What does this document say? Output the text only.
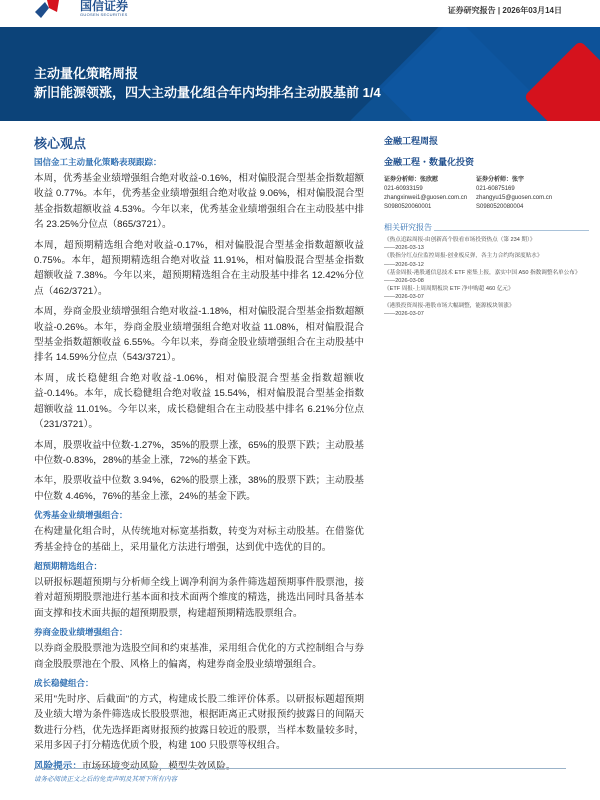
国信证券
GUOSEN SECURITIES	证券研究报告 | 2026年03月14日
主动量化策略周报
新旧能源领涨，四大主动量化组合年内均排名主动股基前 1/4
核心观点
国信金工主动量化策略表现跟踪：

本周，优秀基金业绩增强组合绝对收益-0.16%，相对偏股混合型基金指数超额收益 0.77%。本年，优秀基金业绩增强组合绝对收益 9.06%，相对偏股混合型基金指数超额收益 4.53%。今年以来，优秀基金业绩增强组合在主动股基中排名 23.25%分位点（865/3721）。

本周，超预期精选组合绝对收益-0.17%，相对偏股混合型基金指数超额收益 0.75%。本年，超预期精选组合绝对收益 11.91%，相对偏股混合型基金指数超额收益 7.38%。今年以来，超预期精选组合在主动股基中排名 12.42%分位点（462/3721）。

本周，券商金股业绩增强组合绝对收益-1.18%，相对偏股混合型基金指数超额收益-0.26%。本年，券商金股业绩增强组合绝对收益 11.08%，相对偏股混合型基金指数超额收益 6.55%。今年以来，券商金股业绩增强组合在主动股基中排名 14.59%分位点（543/3721）。

本周，成长稳健组合绝对收益-1.06%，相对偏股混合型基金指数超额收益-0.14%。本年，成长稳健组合绝对收益 15.54%，相对偏股混合型基金指数超额收益 11.01%。今年以来，成长稳健组合在主动股基中排名 6.21%分位点（231/3721）。

本周，股票收益中位数-1.27%，35%的股票上涨，65%的股票下跌；主动股基中位数-0.83%，28%的基金上涨，72%的基金下跌。

本年，股票收益中位数 3.94%，62%的股票上涨，38%的股票下跌；主动股基中位数 4.46%，76%的基金上涨，24%的基金下跌。

优秀基金业绩增强组合：

在构建量化组合时，从传统地对标宽基指数，转变为对标主动股基。在借鉴优秀基金持仓的基础上，采用量化方法进行增强，达到优中选优的目的。

超预期精选组合：

以研报标题超预期与分析师全线上调净利润为条件筛选超预期事件股票池，接着对超预期股票池进行基本面和技术面两个维度的精选，挑选出同时具备基本面支撑和技术面共振的超预期股票，构建超预期精选股票组合。

券商金股业绩增强组合：

以券商金股股票池为选股空间和约束基准，采用组合优化的方式控制组合与券商金股股票池在个股、风格上的偏离，构建券商金股业绩增强组合。

成长稳健组合：

采用"先时序、后截面"的方式，构建成长股二维评价体系。以研报标题超预期及业绩大增为条件筛选成长股股票池，根据距离正式财报预约披露日的间隔天数进行分档，优先选择距离财报预约披露日较近的股票，当样本数量较多时，采用多因子打分精选优质个股，构建 100 只股票等权组合。

风险提示：市场环境变动风险，模型失效风险。

金融工程周报
金融工程・数量化投资
证券分析师：张欣慰
021-60933159
zhangxinwei1@guosen.com.cn
S0980520060001
证券分析师：张宇
021-60875169
zhangyu15@guosen.com.cn
S0980520080004
相关研究报告
《热点追踪周报-由创新高个股看市场投资热点（第 234 期）》
——2026-03-13
《股指分红点位监控周报-创业板反弹，各主力合约均深度贴水》
——2026-03-12
《基金周报-港股通信息技术 ETF 密集上报，嘉实中国 A50 指数调整名单公布》
——2026-03-08
《ETF 周报-上周周期板块 ETF 净申购超 460 亿元》
——2026-03-07
《港股投资周报-港股市场大幅调整，能源板块领涨》
——2026-03-07
请务必阅读正文之后的免责声明及其项下所有内容
